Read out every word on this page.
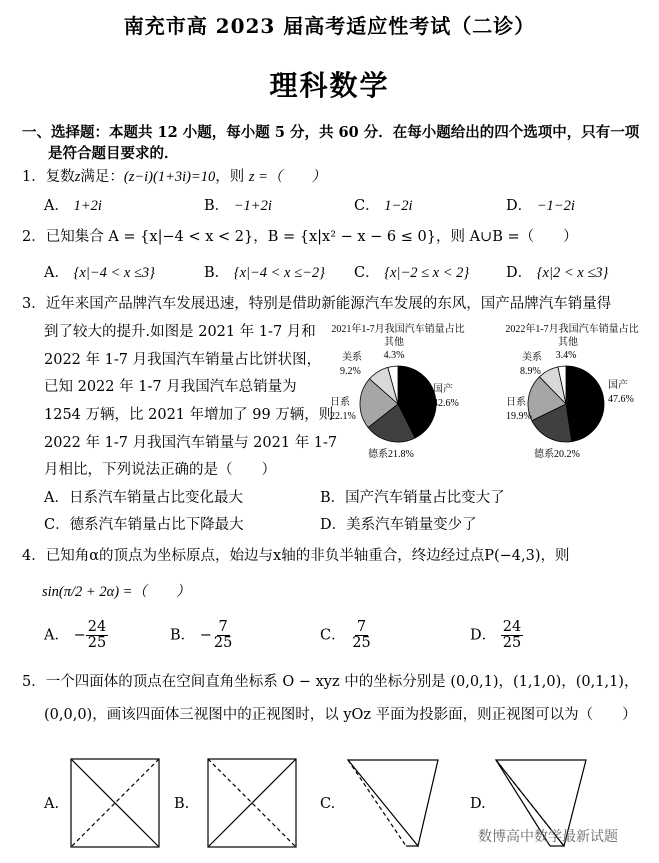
南充市高 2023 届高考适应性考试（二诊）
理科数学
一、选择题：本题共 12 小题，每小题 5 分，共 60 分．在每小题给出的四个选项中，只有一项
是符合题目要求的．
1．复数z满足：(z−i)(1+3i)=10，则 z =（　　）
A． 1+2i	B． −1+2i	C． 1−2i	D． −1−2i
2．已知集合 A = {x|−4 < x < 2}，B = {x|x² − x − 6 ≤ 0}，则 A∪B =（　　）
A． {x|−4 < x ≤3}	B． {x|−4 < x ≤−2} C． {x|−2 ≤ x < 2}	D． {x|2 < x ≤3}
3．近年来国产品牌汽车发展迅速，特别是借助新能源汽车发展的东风，国产品牌汽车销量得
到了较大的提升.如图是 2021 年 1-7 月和
2022 年 1-7 月我国汽车销量占比饼状图，
已知 2022 年 1-7 月我国汽车总销量为
1254 万辆，比 2021 年增加了 99 万辆，则
2022 年 1-7 月我国汽车销量与 2021 年 1-7
月相比，下列说法正确的是（　　）
2021年1-7月我国汽车销量占比	2022年1-7月我国汽车销量占比
其他
4.3%
美系
9.2%
国产
42.6%
日系
22.1%
德系21.8%
其他
3.4%
美系
8.9%
国产
47.6%
日系
19.9%
德系20.2%
A．日系汽车销量占比变化最大	B．国产汽车销量占比变大了
C．德系汽车销量占比下降最大	D．美系汽车销量变少了
4．已知角α的顶点为坐标原点，始边与x轴的非负半轴重合，终边经过点P(−4,3)，则
sin(π/2 + 2α) =（　　）
A． − $\frac{24}{25}$	B． − $\frac{7}{25}$	C． $\frac{7}{25}$	D． $\frac{24}{25}$
5．一个四面体的顶点在空间直角坐标系 O − xyz 中的坐标分别是 (0,0,1)，(1,1,0)，(0,1,1)，
(0,0,0)，画该四面体三视图中的正视图时，以 yOz 平面为投影面，则正视图可以为（　　）
A.	B.	C.	D.
数博高中数学最新试题
